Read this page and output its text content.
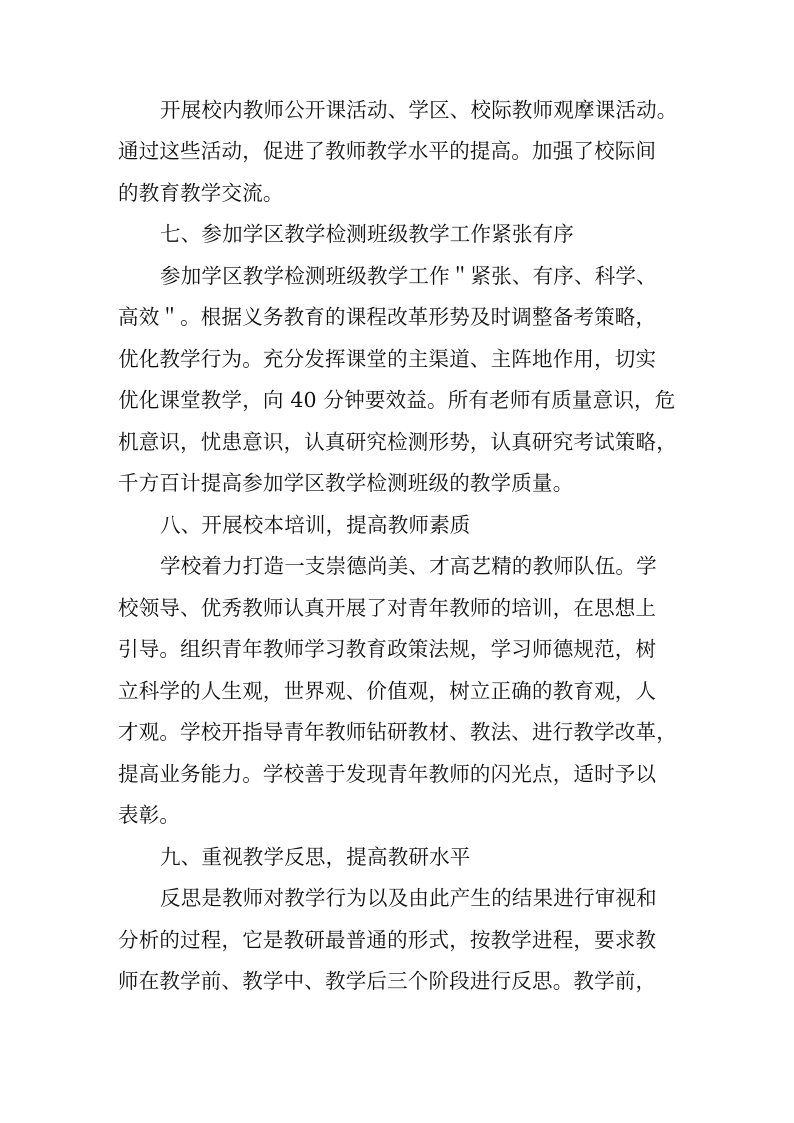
开展校内教师公开课活动、学区、校际教师观摩课活动。
通过这些活动，促进了教师教学水平的提高。加强了校际间
的教育教学交流。
七、参加学区教学检测班级教学工作紧张有序
参加学区教学检测班级教学工作＂紧张、有序、科学、
高效＂。根据义务教育的课程改革形势及时调整备考策略，
优化教学行为。充分发挥课堂的主渠道、主阵地作用，切实
优化课堂教学，向 40 分钟要效益。所有老师有质量意识，危
机意识，忧患意识，认真研究检测形势，认真研究考试策略，
千方百计提高参加学区教学检测班级的教学质量。
八、开展校本培训，提高教师素质
学校着力打造一支崇德尚美、才高艺精的教师队伍。学
校领导、优秀教师认真开展了对青年教师的培训，在思想上
引导。组织青年教师学习教育政策法规，学习师德规范，树
立科学的人生观，世界观、价值观，树立正确的教育观，人
才观。学校开指导青年教师钻研教材、教法、进行教学改革，
提高业务能力。学校善于发现青年教师的闪光点，适时予以
表彰。
九、重视教学反思，提高教研水平
反思是教师对教学行为以及由此产生的结果进行审视和
分析的过程，它是教研最普通的形式，按教学进程，要求教
师在教学前、教学中、教学后三个阶段进行反思。教学前，
